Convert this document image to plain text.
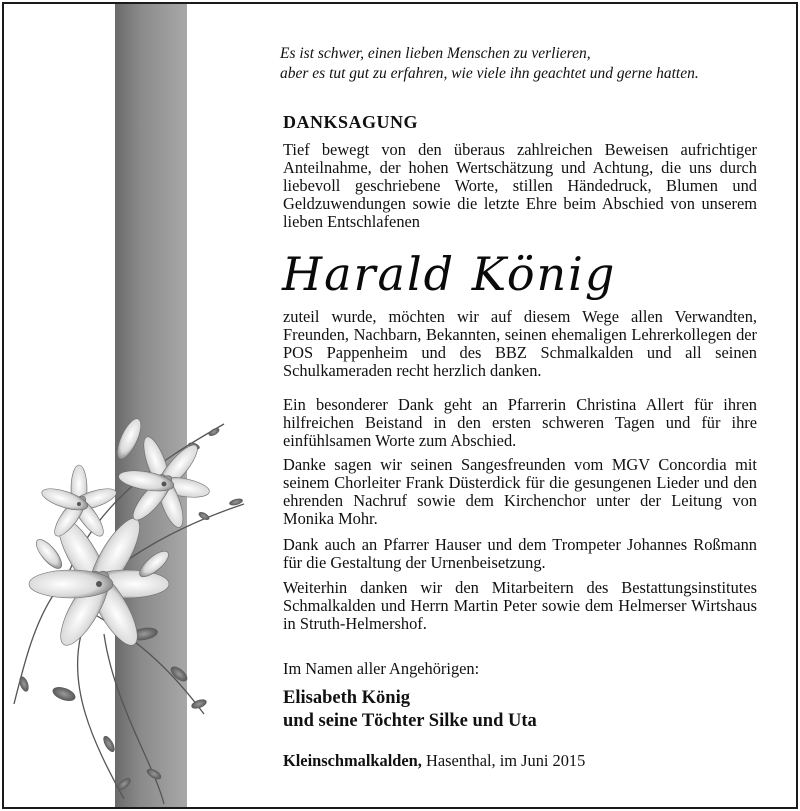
Es ist schwer, einen lieben Menschen zu verlieren,
aber es tut gut zu erfahren, wie viele ihn geachtet und gerne hatten.

DANKSAGUNG

Tief bewegt von den überaus zahlreichen Beweisen aufrichtiger Anteilnahme, der hohen Wertschätzung und Achtung, die uns durch liebevoll geschriebene Worte, stillen Händedruck, Blumen und Geldzuwendungen sowie die letzte Ehre beim Abschied von unserem lieben Entschlafenen

Harald König

zuteil wurde, möchten wir auf diesem Wege allen Verwandten, Freunden, Nachbarn, Bekannten, seinen ehemaligen Lehrerkollegen der POS Pappenheim und des BBZ Schmalkalden und all seinen Schulkameraden recht herzlich danken.

Ein besonderer Dank geht an Pfarrerin Christina Allert für ihren hilfreichen Beistand in den ersten schweren Tagen und für ihre einfühlsamen Worte zum Abschied.

Danke sagen wir seinen Sangesfreunden vom MGV Concordia mit seinem Chorleiter Frank Düsterdick für die gesungenen Lieder und den ehrenden Nachruf sowie dem Kirchenchor unter der Leitung von Monika Mohr.

Dank auch an Pfarrer Hauser und dem Trompeter Johannes Roßmann für die Gestaltung der Urnenbeisetzung.

Weiterhin danken wir den Mitarbeitern des Bestattungsinstitutes Schmalkalden und Herrn Martin Peter sowie dem Helmerser Wirtshaus in Struth-Helmershof.

Im Namen aller Angehörigen:

Elisabeth König

und seine Töchter Silke und Uta

Kleinschmalkalden, Hasenthal, im Juni 2015
